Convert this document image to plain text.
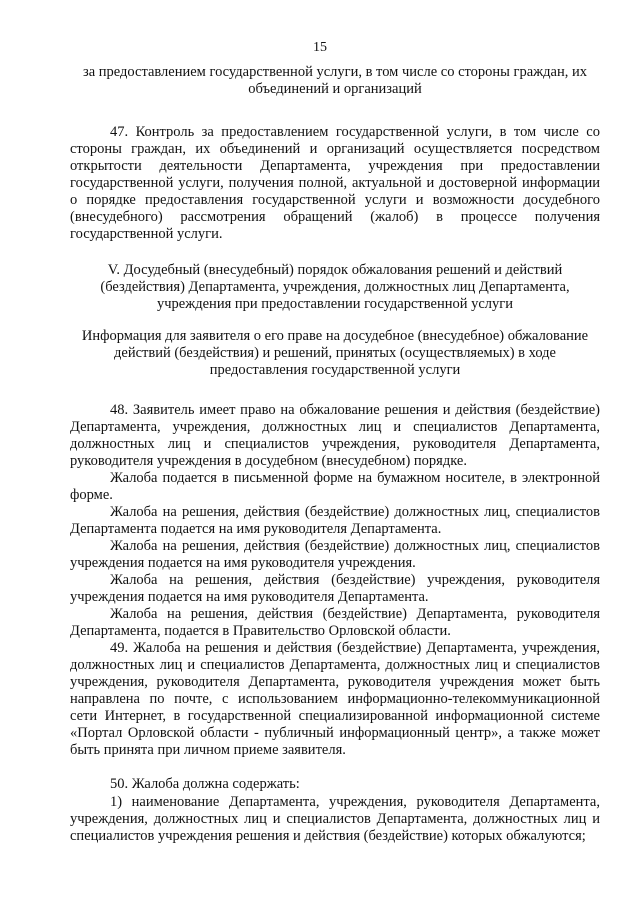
15

за предоставлением государственной услуги, в том числе со стороны граждан, их объединений и организаций

47. Контроль за предоставлением государственной услуги, в том числе со стороны граждан, их объединений и организаций осуществляется посредством открытости деятельности Департамента, учреждения при предоставлении государственной услуги, получения полной, актуальной и достоверной информации о порядке предоставления государственной услуги и возможности досудебного (внесудебного) рассмотрения обращений (жалоб) в процессе получения государственной услуги.

V. Досудебный (внесудебный) порядок обжалования решений и действий (бездействия) Департамента, учреждения, должностных лиц Департамента, учреждения при предоставлении государственной услуги

Информация для заявителя о его праве на досудебное (внесудебное) обжалование действий (бездействия) и решений, принятых (осуществляемых) в ходе предоставления государственной услуги

48. Заявитель имеет право на обжалование решения и действия (бездействие) Департамента, учреждения, должностных лиц и специалистов Департамента, должностных лиц и специалистов учреждения, руководителя Департамента, руководителя учреждения в досудебном (внесудебном) порядке.

Жалоба подается в письменной форме на бумажном носителе, в электронной форме.

Жалоба на решения, действия (бездействие) должностных лиц, специалистов Департамента подается на имя руководителя Департамента.

Жалоба на решения, действия (бездействие) должностных лиц, специалистов учреждения подается на имя руководителя учреждения.

Жалоба на решения, действия (бездействие) учреждения, руководителя учреждения подается на имя руководителя Департамента.

Жалоба на решения, действия (бездействие) Департамента, руководителя Департамента, подается в Правительство Орловской области.

49. Жалоба на решения и действия (бездействие) Департамента, учреждения, должностных лиц и специалистов Департамента, должностных лиц и специалистов учреждения, руководителя Департамента, руководителя учреждения может быть направлена по почте, с использованием информационно-телекоммуникационной сети Интернет, в государственной специализированной информационной системе «Портал Орловской области - публичный информационный центр», а также может быть принята при личном приеме заявителя.

50. Жалоба должна содержать:

1) наименование Департамента, учреждения, руководителя Департамента, учреждения, должностных лиц и специалистов Департамента, должностных лиц и специалистов учреждения решения и действия (бездействие) которых обжалуются;
